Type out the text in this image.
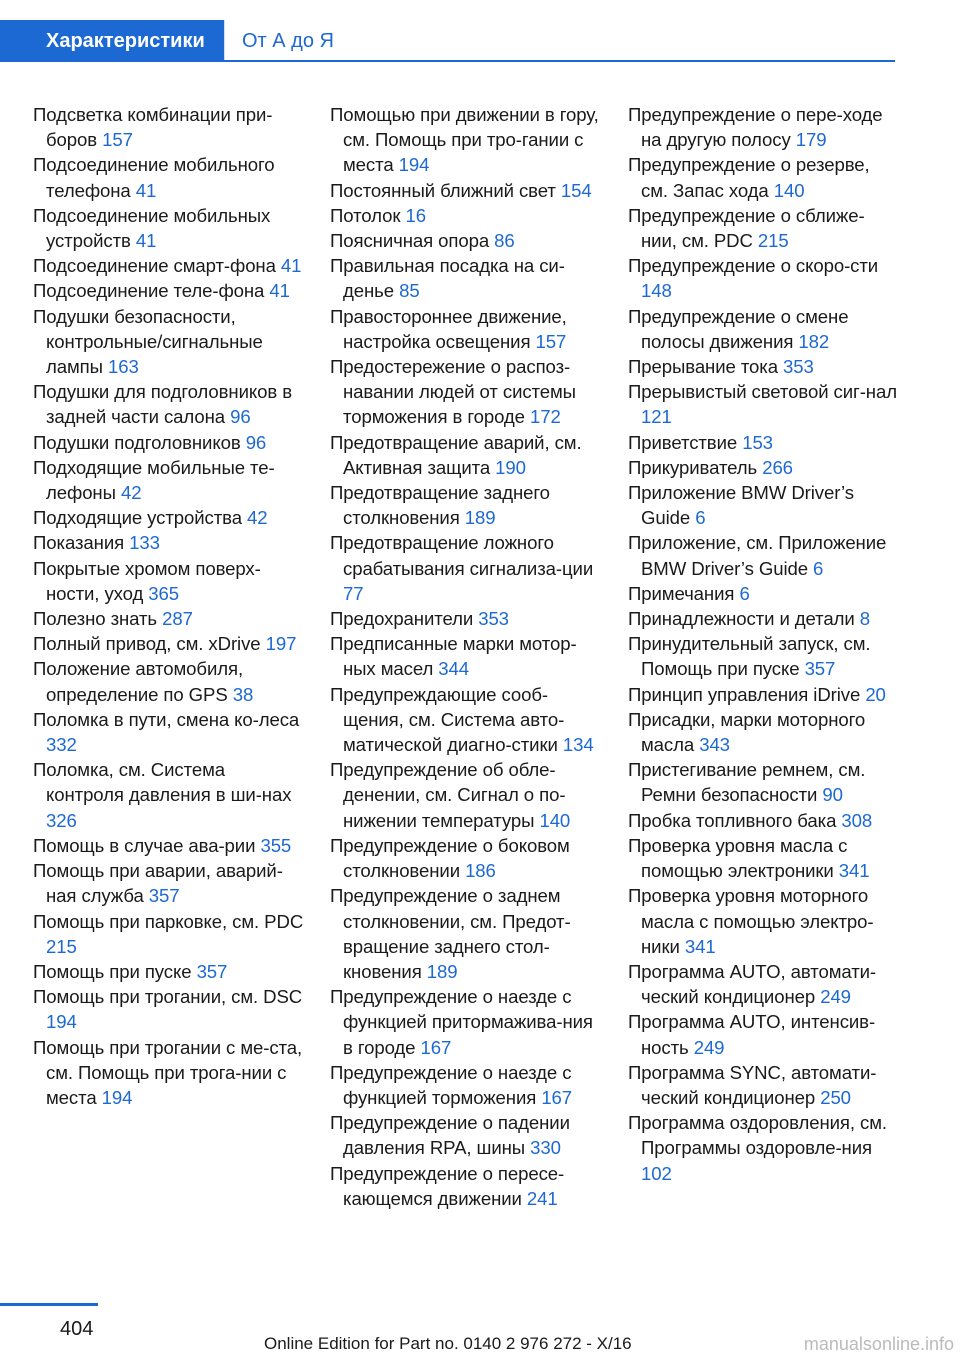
Характеристики	От А до Я
Подсветка комбинации при-боров 157
Подсоединение мобильного телефона 41
Подсоединение мобильных устройств 41
Подсоединение смарт-фона 41
Подсоединение теле-фона 41
Подушки безопасности, контрольные/сигнальные лампы 163
Подушки для подголовников в задней части салона 96
Подушки подголовников 96
Подходящие мобильные те-лефоны 42
Подходящие устройства 42
Показания 133
Покрытые хромом поверх-ности, уход 365
Полезно знать 287
Полный привод, см. xDrive 197
Положение автомобиля, определение по GPS 38
Поломка в пути, смена ко-леса 332
Поломка, см. Система контроля давления в ши-нах 326
Помощь в случае ава-рии 355
Помощь при аварии, аварий-ная служба 357
Помощь при парковке, см. PDC 215
Помощь при пуске 357
Помощь при трогании, см. DSC 194
Помощь при трогании с ме-ста, см. Помощь при трога-нии с места 194
Помощью при движении в гору, см. Помощь при тро-гании с места 194
Постоянный ближний свет 154
Потолок 16
Поясничная опора 86
Правильная посадка на си-денье 85
Правостороннее движение, настройка освещения 157
Предостережение о распоз-навании людей от системы торможения в городе 172
Предотвращение аварий, см. Активная защита 190
Предотвращение заднего столкновения 189
Предотвращение ложного срабатывания сигнализа-ции 77
Предохранители 353
Предписанные марки мотор-ных масел 344
Предупреждающие сооб-щения, см. Система авто-матической диагно-стики 134
Предупреждение об обле-денении, см. Сигнал о по-нижении температуры 140
Предупреждение о боковом столкновении 186
Предупреждение о заднем столкновении, см. Предот-вращение заднего стол-кновения 189
Предупреждение о наезде с функцией притормажива-ния в городе 167
Предупреждение о наезде с функцией торможения 167
Предупреждение о падении давления RPA, шины 330
Предупреждение о пересе-кающемся движении 241
Предупреждение о пере-ходе на другую полосу 179
Предупреждение о резерве, см. Запас хода 140
Предупреждение о сближе-нии, см. PDC 215
Предупреждение о скоро-сти 148
Предупреждение о смене полосы движения 182
Прерывание тока 353
Прерывистый световой сиг-нал 121
Приветствие 153
Прикуриватель 266
Приложение BMW Driver’s Guide 6
Приложение, см. Приложение BMW Driver’s Guide 6
Примечания 6
Принадлежности и детали 8
Принудительный запуск, см. Помощь при пуске 357
Принцип управления iDrive 20
Присадки, марки моторного масла 343
Пристегивание ремнем, см. Ремни безопасности 90
Пробка топливного бака 308
Проверка уровня масла с помощью электроники 341
Проверка уровня моторного масла с помощью электро-ники 341
Программа AUTO, автомати-ческий кондиционер 249
Программа AUTO, интенсив-ность 249
Программа SYNC, автомати-ческий кондиционер 250
Программа оздоровления, см. Программы оздоровле-ния 102
404
Online Edition for Part no. 0140 2 976 272 - X/16	manualsonline.info
